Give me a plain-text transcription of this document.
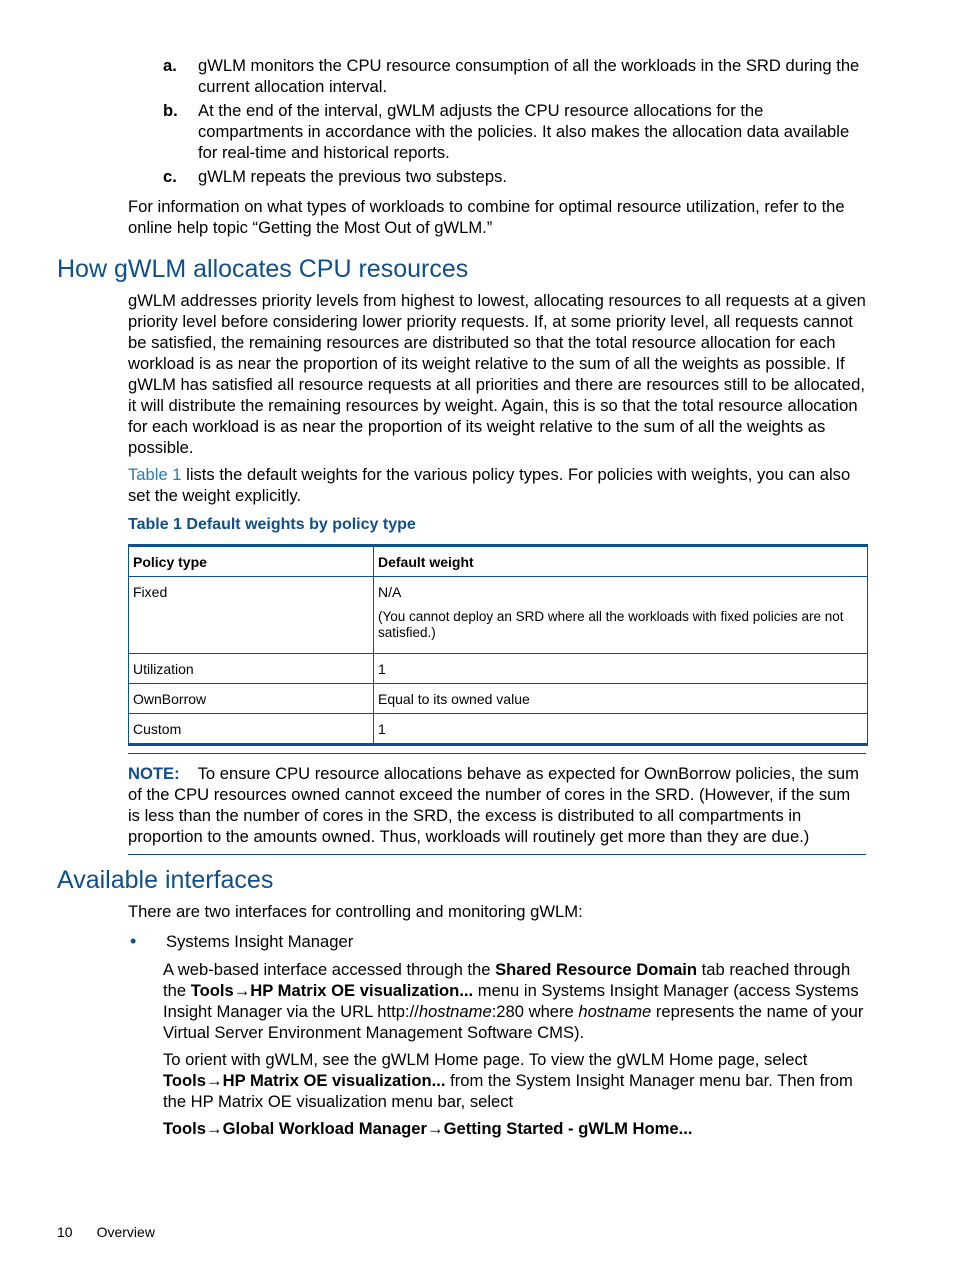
a.	gWLM monitors the CPU resource consumption of all the workloads in the SRD during the current allocation interval.
b.	At the end of the interval, gWLM adjusts the CPU resource allocations for the compartments in accordance with the policies. It also makes the allocation data available for real-time and historical reports.
c.	gWLM repeats the previous two substeps.

For information on what types of workloads to combine for optimal resource utilization, refer to the online help topic “Getting the Most Out of gWLM.”

How gWLM allocates CPU resources

gWLM addresses priority levels from highest to lowest, allocating resources to all requests at a given priority level before considering lower priority requests. If, at some priority level, all requests cannot be satisfied, the remaining resources are distributed so that the total resource allocation for each workload is as near the proportion of its weight relative to the sum of all the weights as possible. If gWLM has satisfied all resource requests at all priorities and there are resources still to be allocated, it will distribute the remaining resources by weight. Again, this is so that the total resource allocation for each workload is as near the proportion of its weight relative to the sum of all the weights as possible.

Table 1 lists the default weights for the various policy types. For policies with weights, you can also set the weight explicitly.

Table 1 Default weights by policy type
Policy type	Default weight
Fixed	N/A
(You cannot deploy an SRD where all the workloads with fixed policies are not satisfied.)

Utilization	1
OwnBorrow	Equal to its owned value
Custom	1
NOTE: To ensure CPU resource allocations behave as expected for OwnBorrow policies, the sum of the CPU resources owned cannot exceed the number of cores in the SRD. (However, if the sum is less than the number of cores in the SRD, the excess is distributed to all compartments in proportion to the amounts owned. Thus, workloads will routinely get more than they are due.)
Available interfaces

There are two interfaces for controlling and monitoring gWLM:

•	Systems Insight Manager

A web-based interface accessed through the Shared Resource Domain tab reached through the Tools→HP Matrix OE visualization... menu in Systems Insight Manager (access Systems Insight Manager via the URL http://hostname:280 where hostname represents the name of your Virtual Server Environment Management Software CMS).

To orient with gWLM, see the gWLM Home page. To view the gWLM Home page, select Tools→HP Matrix OE visualization... from the System Insight Manager menu bar. Then from the HP Matrix OE visualization menu bar, select

Tools→Global Workload Manager→Getting Started - gWLM Home...

10 Overview
